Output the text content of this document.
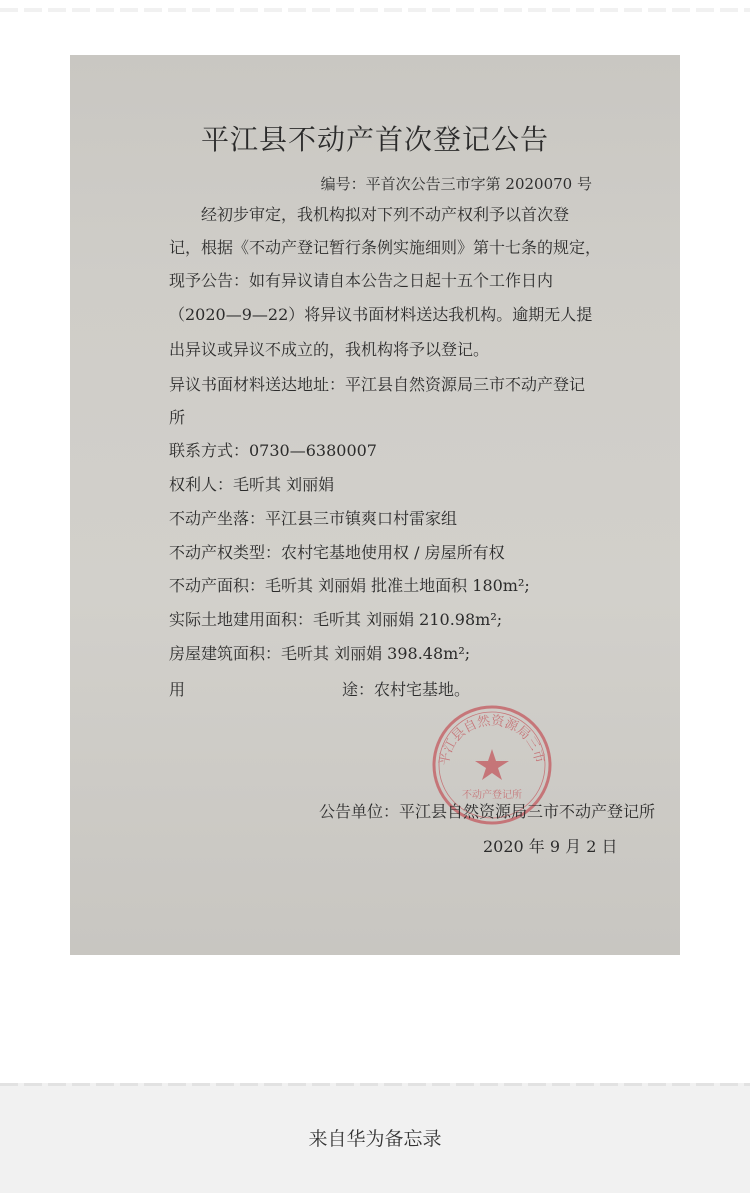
平江县不动产首次登记公告
编号：平首次公告三市字第 2020070 号
经初步审定，我机构拟对下列不动产权利予以首次登
记，根据《不动产登记暂行条例实施细则》第十七条的规定，
现予公告：如有异议请自本公告之日起十五个工作日内
（2020—9—22）将异议书面材料送达我机构。逾期无人提
出异议或异议不成立的，我机构将予以登记。
异议书面材料送达地址：平江县自然资源局三市不动产登记
所
联系方式：0730—6380007
权利人：毛听其 刘丽娟
不动产坐落：平江县三市镇爽口村雷家组
不动产权类型：农村宅基地使用权 / 房屋所有权
不动产面积：毛听其 刘丽娟 批准土地面积 180m²;
实际土地建用面积：毛听其 刘丽娟 210.98m²;
房屋建筑面积：毛听其 刘丽娟 398.48m²;
用	途：农村宅基地。
平江县自然资源局三市
不动产登记所
公告单位：平江县自然资源局三市不动产登记所
2020 年 9 月 2 日
来自华为备忘录
